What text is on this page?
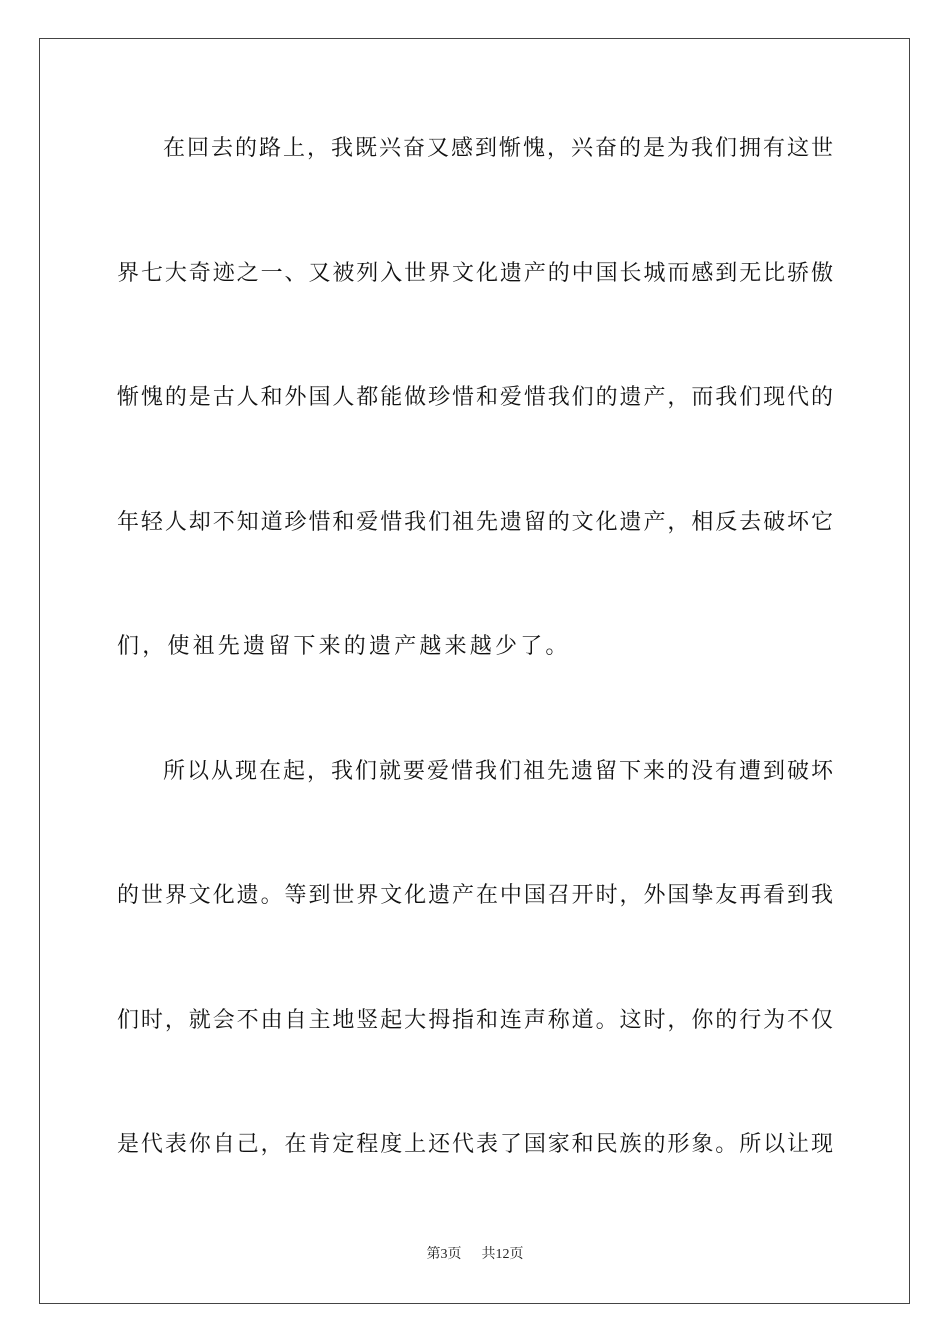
在回去的路上，我既兴奋又感到惭愧，兴奋的是为我们拥有这世
界七大奇迹之一、又被列入世界文化遗产的中国长城而感到无比骄傲
惭愧的是古人和外国人都能做珍惜和爱惜我们的遗产，而我们现代的
年轻人却不知道珍惜和爱惜我们祖先遗留的文化遗产，相反去破坏它
们，使祖先遗留下来的遗产越来越少了。
所以从现在起，我们就要爱惜我们祖先遗留下来的没有遭到破坏
的世界文化遗。等到世界文化遗产在中国召开时，外国挚友再看到我
们时，就会不由自主地竖起大拇指和连声称道。这时，你的行为不仅
是代表你自己，在肯定程度上还代表了国家和民族的形象。所以让现
第3页 共12页
